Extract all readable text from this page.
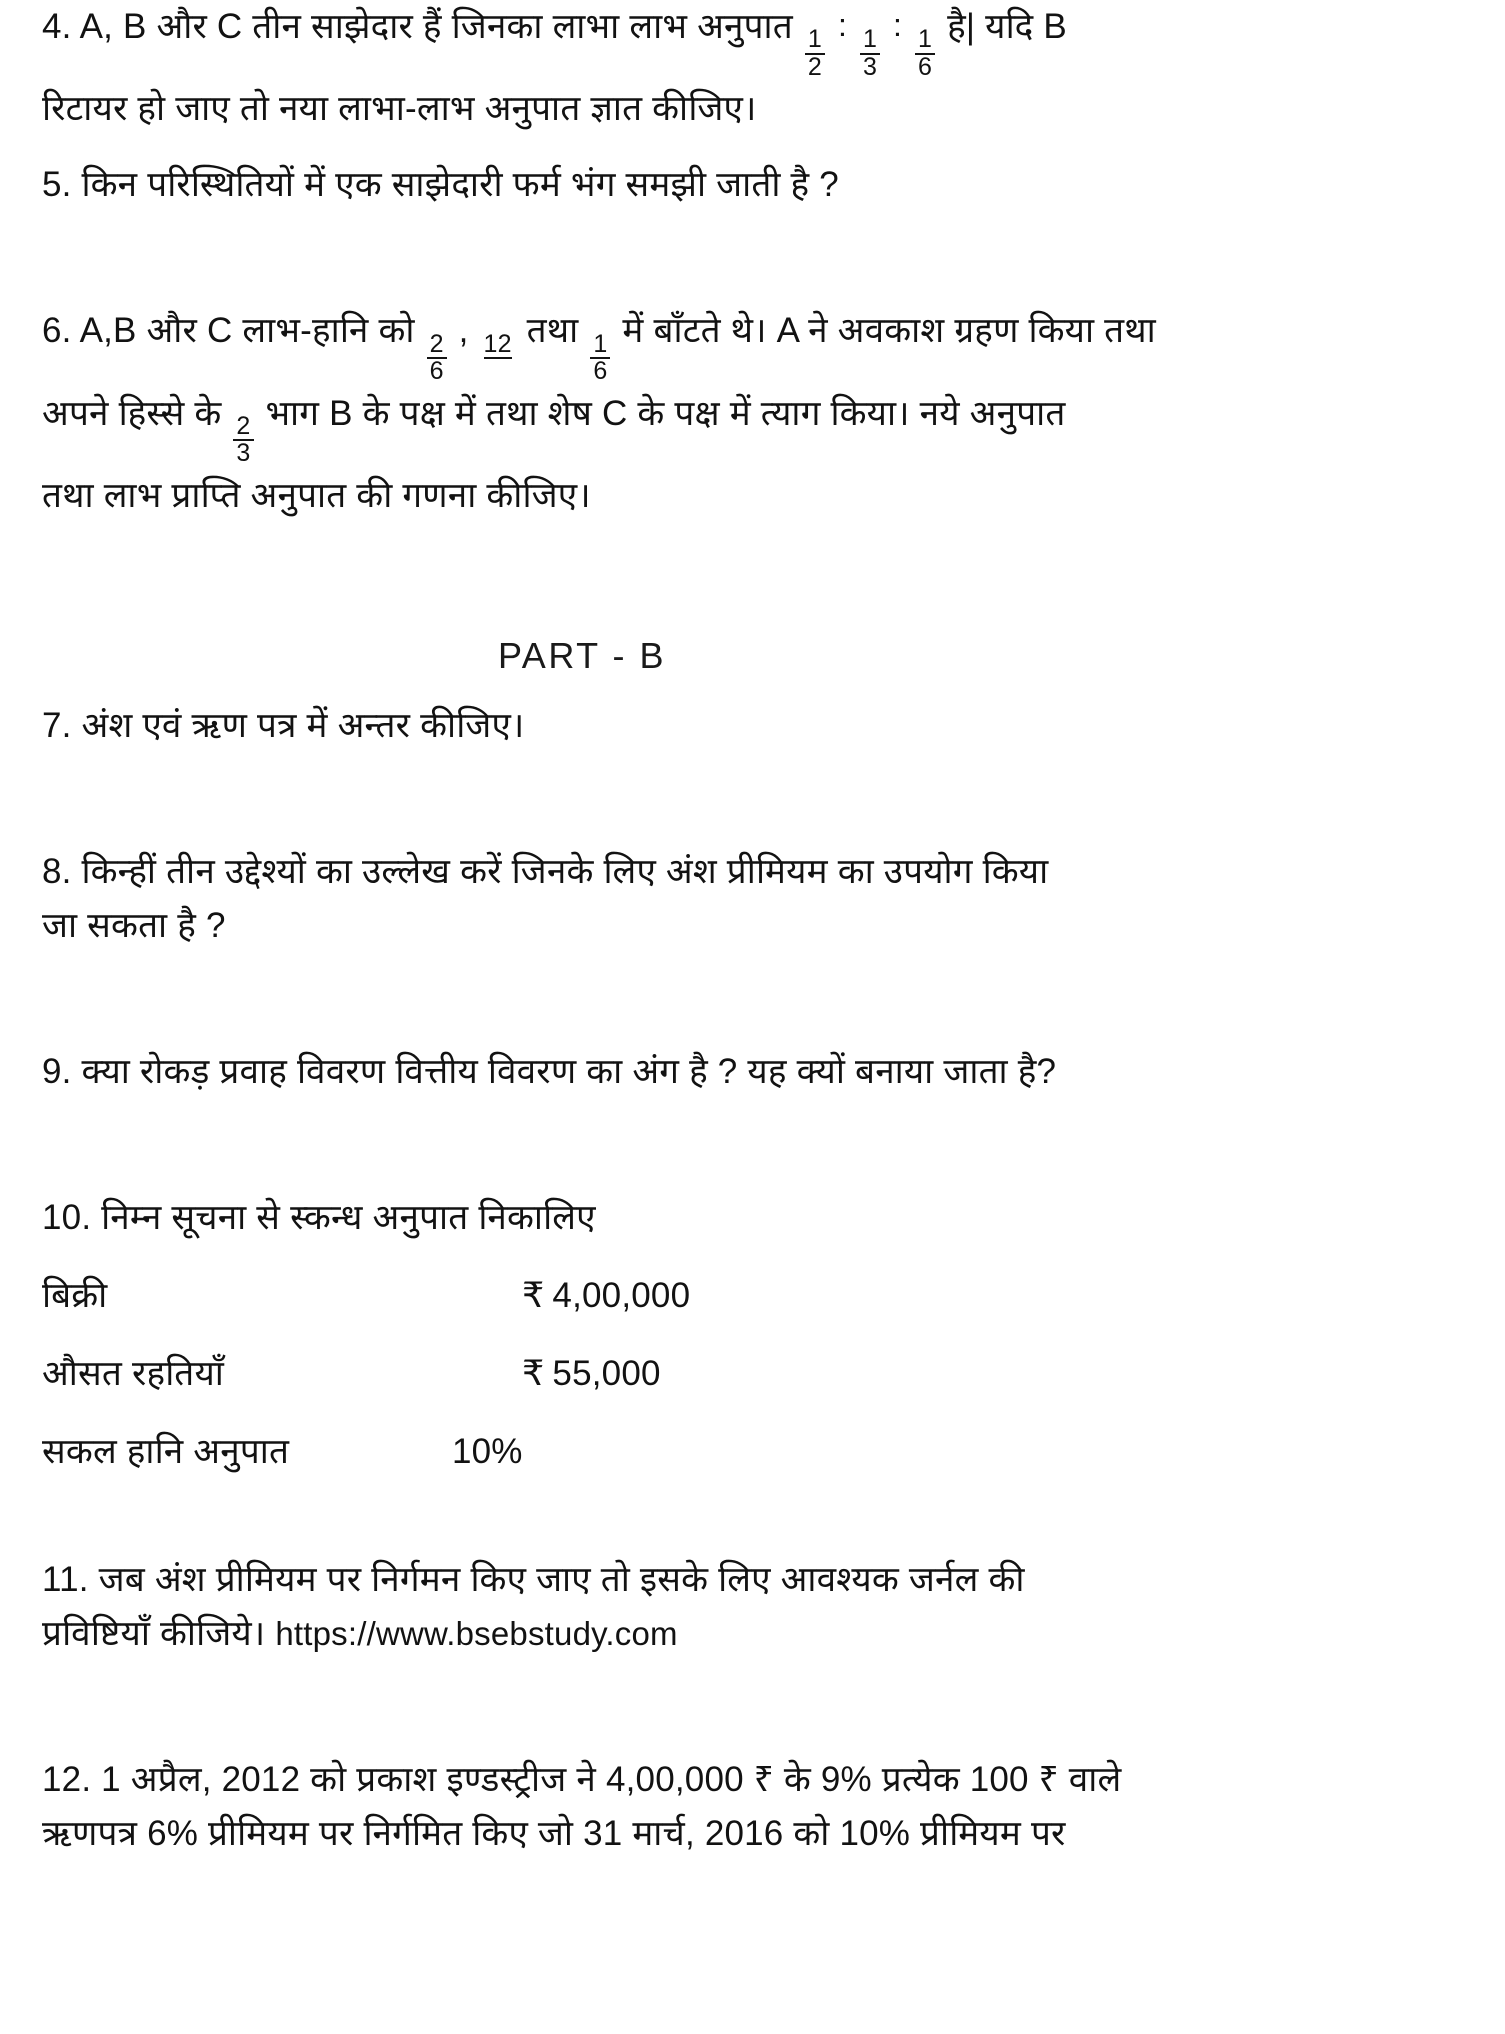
4. A, B और C तीन साझेदार हैं जिनका लाभा लाभ अनुपात
$\frac{1}{2}$
:
$\frac{1}{3}$
:
$\frac{1}{6}$
है| यदि B
रिटायर हो जाए तो नया लाभा-लाभ अनुपात ज्ञात कीजिए।
5. किन परिस्थितियों में एक साझेदारी फर्म भंग समझी जाती है ?
6. A,B और C लाभ-हानि को
$\frac{2}{6}$
, 12 तथा
$\frac{1}{6}$
में बाँटते थे। A ने अवकाश ग्रहण किया तथा
अपने हिस्से के
$\frac{2}{3}$
भाग B के पक्ष में तथा शेष C के पक्ष में त्याग किया। नये अनुपात
तथा लाभ प्राप्ति अनुपात की गणना कीजिए।
PART - B
7. अंश एवं ऋण पत्र में अन्तर कीजिए।
8. किन्हीं तीन उद्देश्यों का उल्लेख करें जिनके लिए अंश प्रीमियम का उपयोग किया
जा सकता है ?
9. क्या रोकड़ प्रवाह विवरण वित्तीय विवरण का अंग है ? यह क्यों बनाया जाता है?
10. निम्न सूचना से स्कन्ध अनुपात निकालिए
बिक्री	₹ 4,00,000
औसत रहतियाँ	₹ 55,000
सकल हानि अनुपात	10%
11. जब अंश प्रीमियम पर निर्गमन किए जाए तो इसके लिए आवश्यक जर्नल की
प्रविष्टियाँ कीजिये। https://www.bsebstudy.com
12. 1 अप्रैल, 2012 को प्रकाश इण्डस्ट्रीज ने 4,00,000 ₹ के 9% प्रत्येक 100 ₹ वाले
ऋणपत्र 6% प्रीमियम पर निर्गमित किए जो 31 मार्च, 2016 को 10% प्रीमियम पर
